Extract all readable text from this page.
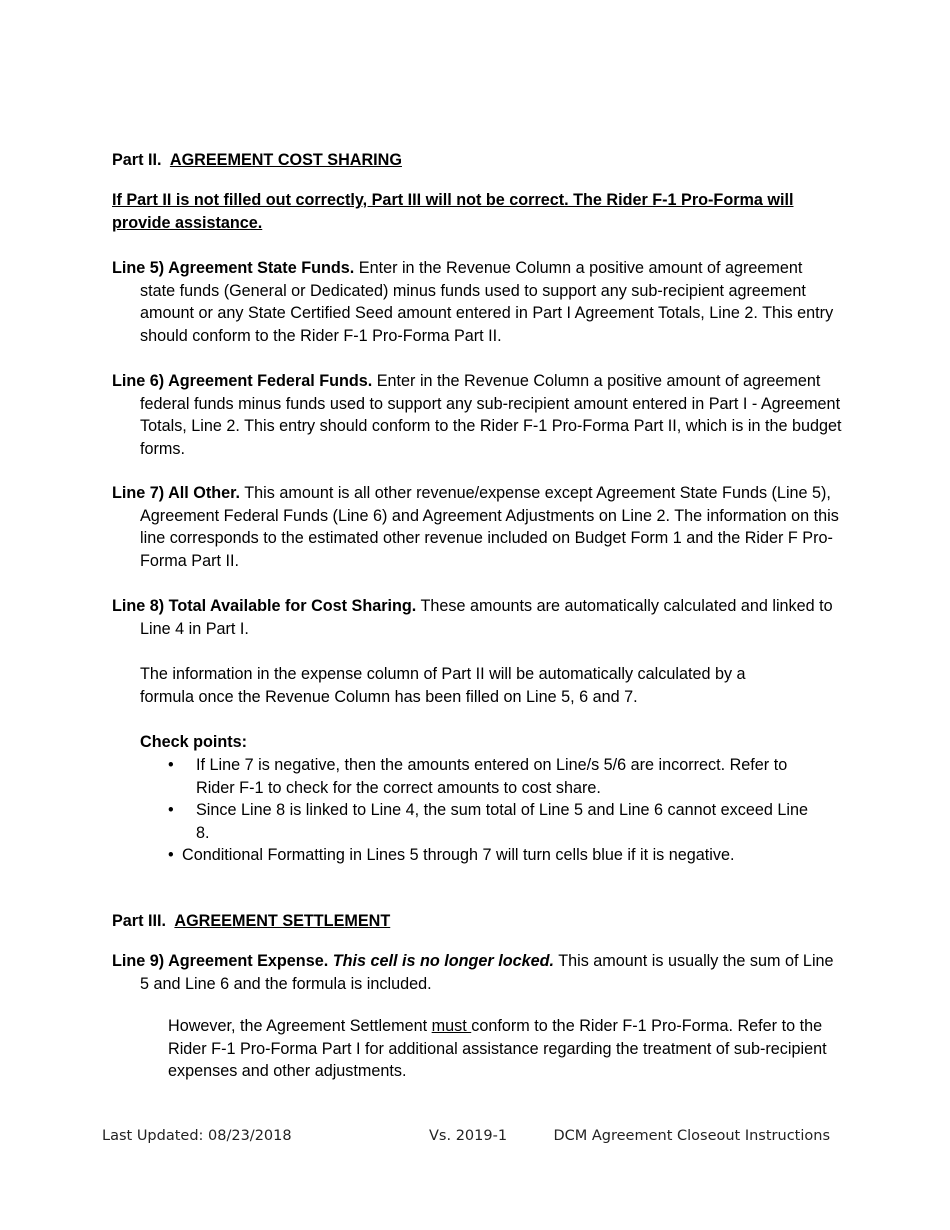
Part II. AGREEMENT COST SHARING
If Part II is not filled out correctly, Part III will not be correct. The Rider F-1 Pro-Forma will provide assistance.
Line 5) Agreement State Funds. Enter in the Revenue Column a positive amount of agreement state funds (General or Dedicated) minus funds used to support any sub-recipient agreement amount or any State Certified Seed amount entered in Part I Agreement Totals, Line 2. This entry should conform to the Rider F-1 Pro-Forma Part II.
Line 6) Agreement Federal Funds. Enter in the Revenue Column a positive amount of agreement federal funds minus funds used to support any sub-recipient amount entered in Part I - Agreement Totals, Line 2. This entry should conform to the Rider F-1 Pro-Forma Part II, which is in the budget forms.
Line 7) All Other. This amount is all other revenue/expense except Agreement State Funds (Line 5), Agreement Federal Funds (Line 6) and Agreement Adjustments on Line 2. The information on this line corresponds to the estimated other revenue included on Budget Form 1 and the Rider F Pro-Forma Part II.
Line 8) Total Available for Cost Sharing. These amounts are automatically calculated and linked to Line 4 in Part I.
The information in the expense column of Part II will be automatically calculated by a formula once the Revenue Column has been filled on Line 5, 6 and 7.
Check points:
• If Line 7 is negative, then the amounts entered on Line/s 5/6 are incorrect. Refer to Rider F-1 to check for the correct amounts to cost share.
• Since Line 8 is linked to Line 4, the sum total of Line 5 and Line 6 cannot exceed Line 8.
• Conditional Formatting in Lines 5 through 7 will turn cells blue if it is negative.
Part III. AGREEMENT SETTLEMENT
Line 9) Agreement Expense. This cell is no longer locked. This amount is usually the sum of Line 5 and Line 6 and the formula is included.
However, the Agreement Settlement must conform to the Rider F-1 Pro-Forma. Refer to the Rider F-1 Pro-Forma Part I for additional assistance regarding the treatment of sub-recipient expenses and other adjustments.
Last Updated: 08/23/2018	Vs. 2019-1	DCM Agreement Closeout Instructions
